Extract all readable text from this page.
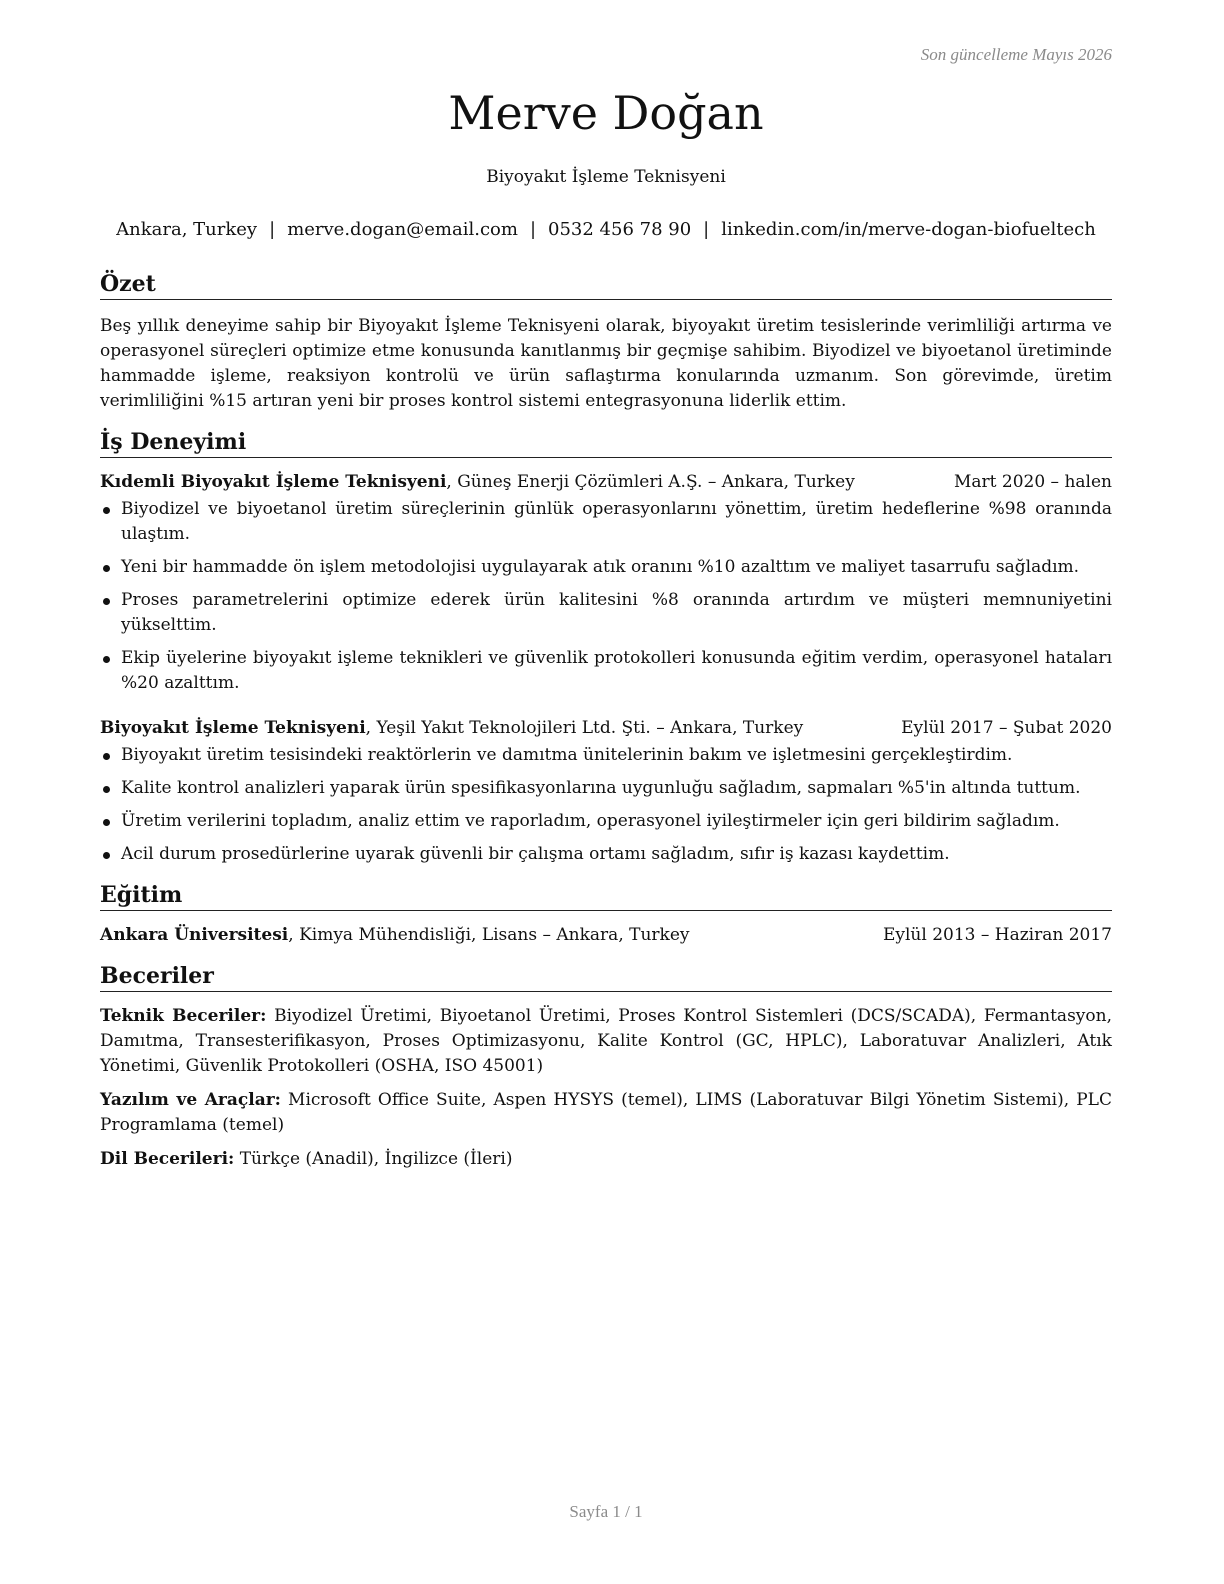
Son güncelleme Mayıs 2026
Merve Doğan
Biyoyakıt İşleme Teknisyeni
Ankara, Turkey | merve.dogan@email.com | 0532 456 78 90 | linkedin.com/in/merve-dogan-biofueltech
Özet

Beş yıllık deneyime sahip bir Biyoyakıt İşleme Teknisyeni olarak, biyoyakıt üretim tesislerinde verimliliği artırma ve operasyonel süreçleri optimize etme konusunda kanıtlanmış bir geçmişe sahibim. Biyodizel ve biyoetanol üretiminde hammadde işleme, reaksiyon kontrolü ve ürün saflaştırma konularında uzmanım. Son görevimde, üretim verimliliğini %15 artıran yeni bir proses kontrol sistemi entegrasyonuna liderlik ettim.

İş Deneyimi
Kıdemli Biyoyakıt İşleme Teknisyeni, Güneş Enerji Çözümleri A.Ş. – Ankara, Turkey	Mart 2020 – halen
Biyodizel ve biyoetanol üretim süreçlerinin günlük operasyonlarını yönettim, üretim hedeflerine %98 oranında ulaştım.
Yeni bir hammadde ön işlem metodolojisi uygulayarak atık oranını %10 azalttım ve maliyet tasarrufu sağladım.
Proses parametrelerini optimize ederek ürün kalitesini %8 oranında artırdım ve müşteri memnuniyetini yükselttim.
Ekip üyelerine biyoyakıt işleme teknikleri ve güvenlik protokolleri konusunda eğitim verdim, operasyonel hataları %20 azalttım.
Biyoyakıt İşleme Teknisyeni, Yeşil Yakıt Teknolojileri Ltd. Şti. – Ankara, Turkey	Eylül 2017 – Şubat 2020
Biyoyakıt üretim tesisindeki reaktörlerin ve damıtma ünitelerinin bakım ve işletmesini gerçekleştirdim.
Kalite kontrol analizleri yaparak ürün spesifikasyonlarına uygunluğu sağladım, sapmaları %5'in altında tuttum.
Üretim verilerini topladım, analiz ettim ve raporladım, operasyonel iyileştirmeler için geri bildirim sağladım.
Acil durum prosedürlerine uyarak güvenli bir çalışma ortamı sağladım, sıfır iş kazası kaydettim.
Eğitim
Ankara Üniversitesi, Kimya Mühendisliği, Lisans – Ankara, Turkey	Eylül 2013 – Haziran 2017
Beceriler

Teknik Beceriler: Biyodizel Üretimi, Biyoetanol Üretimi, Proses Kontrol Sistemleri (DCS/SCADA), Fermantasyon, Damıtma, Transesterifikasyon, Proses Optimizasyonu, Kalite Kontrol (GC, HPLC), Laboratuvar Analizleri, Atık Yönetimi, Güvenlik Protokolleri (OSHA, ISO 45001)

Yazılım ve Araçlar: Microsoft Office Suite, Aspen HYSYS (temel), LIMS (Laboratuvar Bilgi Yönetim Sistemi), PLC Programlama (temel)

Dil Becerileri: Türkçe (Anadil), İngilizce (İleri)

Sayfa 1 / 1
